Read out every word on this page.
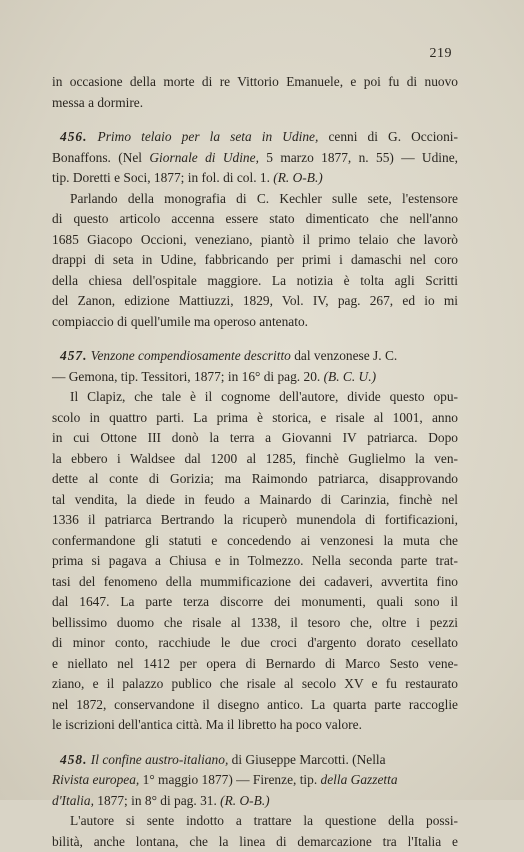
219
in occasione della morte di re Vittorio Emanuele, e poi fu di nuovo
messa a dormire.
456. Primo telaio per la seta in Udine, cenni di G. Occioni-
Bonaffons. (Nel Giornale di Udine, 5 marzo 1877, n. 55) — Udine,
tip. Doretti e Soci, 1877; in fol. di col. 1. (R. O-B.)
Parlando della monografia di C. Kechler sulle sete, l'estensore
di questo articolo accenna essere stato dimenticato che nell'anno
1685 Giacopo Occioni, veneziano, piantò il primo telaio che lavorò
drappi di seta in Udine, fabbricando per primi i damaschi nel coro
della chiesa dell'ospitale maggiore. La notizia è tolta agli Scritti
del Zanon, edizione Mattiuzzi, 1829, Vol. IV, pag. 267, ed io mi
compiaccio di quell'umile ma operoso antenato.
457. Venzone compendiosamente descritto dal venzonese J. C.
— Gemona, tip. Tessitori, 1877; in 16° di pag. 20. (B. C. U.)
Il Clapiz, che tale è il cognome dell'autore, divide questo opu-
scolo in quattro parti. La prima è storica, e risale al 1001, anno
in cui Ottone III donò la terra a Giovanni IV patriarca. Dopo
la ebbero i Waldsee dal 1200 al 1285, finchè Guglielmo la ven-
dette al conte di Gorizia; ma Raimondo patriarca, disapprovando
tal vendita, la diede in feudo a Mainardo di Carinzia, finchè nel
1336 il patriarca Bertrando la ricuperò munendola di fortificazioni,
confermandone gli statuti e concedendo ai venzonesi la muta che
prima si pagava a Chiusa e in Tolmezzo. Nella seconda parte trat-
tasi del fenomeno della mummificazione dei cadaveri, avvertita fino
dal 1647. La parte terza discorre dei monumenti, quali sono il
bellissimo duomo che risale al 1338, il tesoro che, oltre i pezzi
di minor conto, racchiude le due croci d'argento dorato cesellato
e niellato nel 1412 per opera di Bernardo di Marco Sesto vene-
ziano, e il palazzo publico che risale al secolo XV e fu restaurato
nel 1872, conservandone il disegno antico. La quarta parte raccoglie
le iscrizioni dell'antica città. Ma il libretto ha poco valore.
458. Il confine austro-italiano, di Giuseppe Marcotti. (Nella
Rivista europea, 1° maggio 1877) — Firenze, tip. della Gazzetta
d'Italia, 1877; in 8° di pag. 31. (R. O-B.)
L'autore si sente indotto a trattare la questione della possi-
bilità, anche lontana, che la linea di demarcazione tra l'Italia e
